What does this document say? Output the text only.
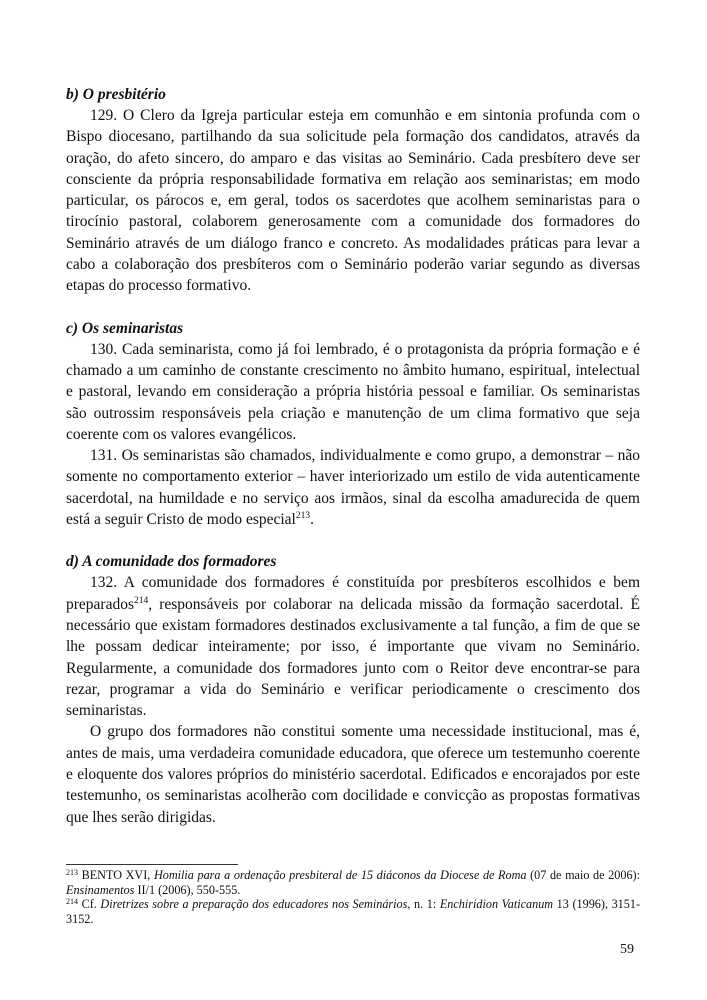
b) O presbitério

129. O Clero da Igreja particular esteja em comunhão e em sintonia profunda com o Bispo diocesano, partilhando da sua solicitude pela formação dos candidatos, através da oração, do afeto sincero, do amparo e das visitas ao Seminário. Cada presbítero deve ser consciente da própria responsabilidade formativa em relação aos seminaristas; em modo particular, os párocos e, em geral, todos os sacerdotes que acolhem seminaristas para o tirocínio pastoral, colaborem generosamente com a comunidade dos formadores do Seminário através de um diálogo franco e concreto. As modalidades práticas para levar a cabo a colaboração dos presbíteros com o Seminário poderão variar segundo as diversas etapas do processo formativo.

c) Os seminaristas

130. Cada seminarista, como já foi lembrado, é o protagonista da própria formação e é chamado a um caminho de constante crescimento no âmbito humano, espiritual, intelectual e pastoral, levando em consideração a própria história pessoal e familiar. Os seminaristas são outrossim responsáveis pela criação e manutenção de um clima formativo que seja coerente com os valores evangélicos.

131. Os seminaristas são chamados, individualmente e como grupo, a demonstrar – não somente no comportamento exterior – haver interiorizado um estilo de vida autenticamente sacerdotal, na humildade e no serviço aos irmãos, sinal da escolha amadurecida de quem está a seguir Cristo de modo especial$^{213}$.

d) A comunidade dos formadores

132. A comunidade dos formadores é constituída por presbíteros escolhidos e bem preparados$^{214}$, responsáveis por colaborar na delicada missão da formação sacerdotal. É necessário que existam formadores destinados exclusivamente a tal função, a fim de que se lhe possam dedicar inteiramente; por isso, é importante que vivam no Seminário. Regularmente, a comunidade dos formadores junto com o Reitor deve encontrar-se para rezar, programar a vida do Seminário e verificar periodicamente o crescimento dos seminaristas.

O grupo dos formadores não constitui somente uma necessidade institucional, mas é, antes de mais, uma verdadeira comunidade educadora, que oferece um testemunho coerente e eloquente dos valores próprios do ministério sacerdotal. Edificados e encorajados por este testemunho, os seminaristas acolherão com docilidade e convicção as propostas formativas que lhes serão dirigidas.

$^{213}$ BENTO XVI, Homilia para a ordenação presbiteral de 15 diáconos da Diocese de Roma (07 de maio de 2006): Ensinamentos II/1 (2006), 550-555.

$^{214}$ Cf. Diretrizes sobre a preparação dos educadores nos Seminários, n. 1: Enchiridion Vaticanum 13 (1996), 3151-3152.

59
